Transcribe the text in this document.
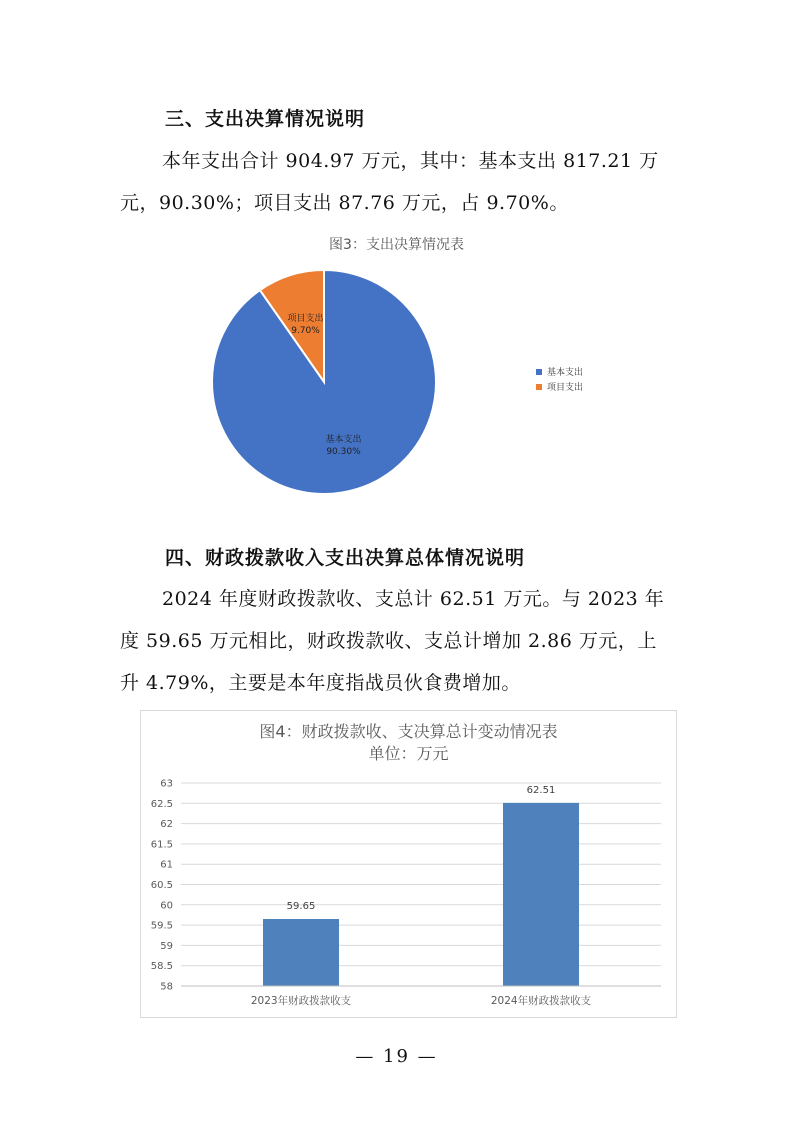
三、支出决算情况说明

本年支出合计 904.97 万元，其中：基本支出 817.21 万
元，90.30%；项目支出 87.76 万元，占 9.70%。

图3：支出决算情况表

基本支出
90.30%
项目支出
9.70%
基本支出
项目支出
四、财政拨款收入支出决算总体情况说明

2024 年度财政拨款收、支总计 62.51 万元。与 2023 年
度 59.65 万元相比，财政拨款收、支总计增加 2.86 万元，上
升 4.79%，主要是本年度指战员伙食费增加。

图4：财政拨款收、支决算总计变动情况表

单位：万元

58
58.5
59
59.5
60
60.5
61
61.5
62
62.5
63
59.65
2023年财政拨款收支
62.51
2024年财政拨款收支

— 19 —
